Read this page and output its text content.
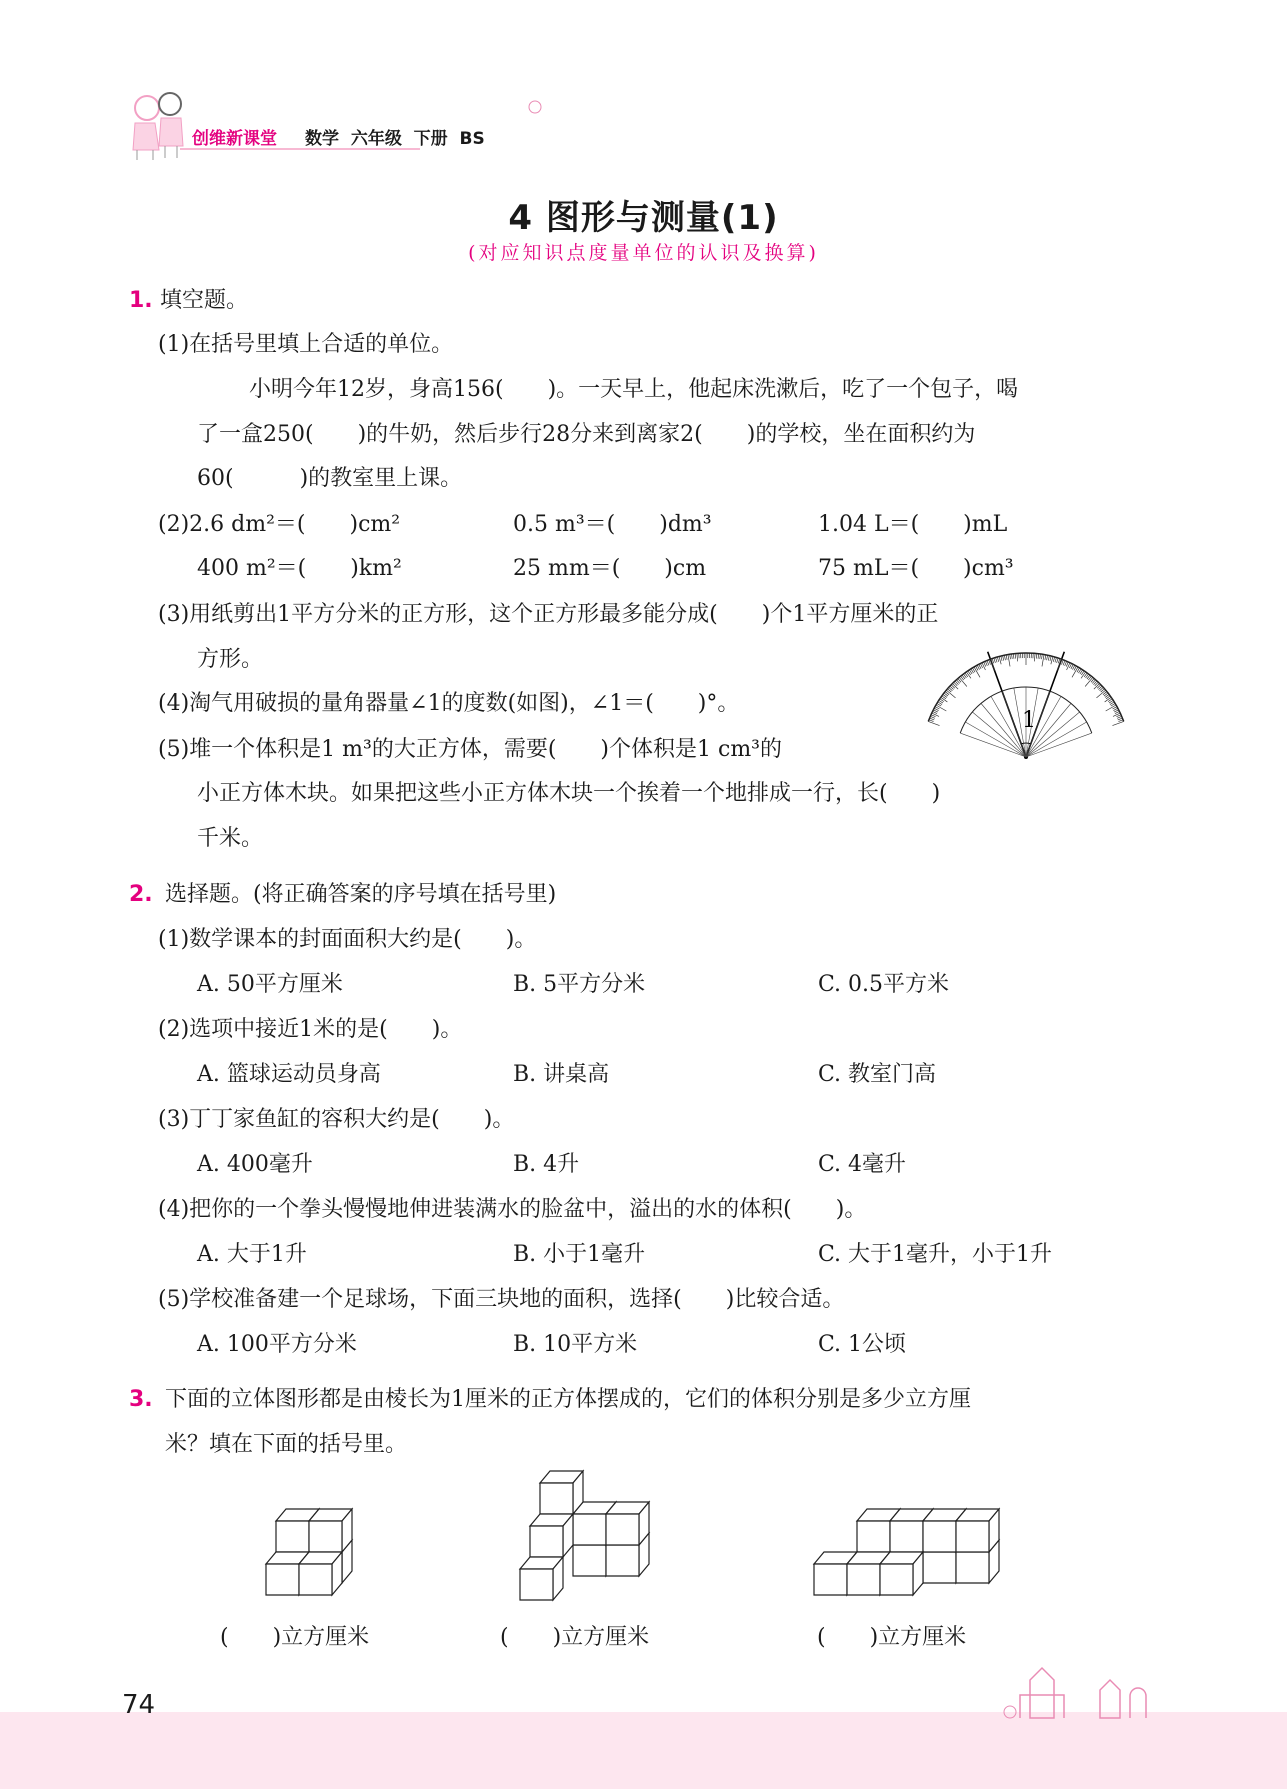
创维新课堂 数学  六年级  下册  BS
4 图形与测量(1)
(对应知识点度量单位的认识及换算)
1. 填空题。
(1)在括号里填上合适的单位。
小明今年12岁，身高156(　　)。一天早上，他起床洗漱后，吃了一个包子，喝
了一盒250(　　)的牛奶，然后步行28分来到离家2(　　)的学校，坐在面积约为
60(　　　)的教室里上课。
(2)2.6 dm²＝(　　)cm²	0.5 m³＝(　　)dm³	1.04 L＝(　　)mL
400 m²＝(　　)km²	25 mm＝(　　)cm	75 mL＝(　　)cm³
(3)用纸剪出1平方分米的正方形，这个正方形最多能分成(　　)个1平方厘米的正
方形。
(4)淘气用破损的量角器量∠1的度数(如图)，∠1＝(　　)°。
(5)堆一个体积是1 m³的大正方体，需要(　　)个体积是1 cm³的
小正方体木块。如果把这些小正方体木块一个挨着一个地排成一行，长(　　)
千米。
1
2. 选择题。(将正确答案的序号填在括号里)
(1)数学课本的封面面积大约是(　　)。
A. 50平方厘米	B. 5平方分米	C. 0.5平方米
(2)选项中接近1米的是(　　)。
A. 篮球运动员身高	B. 讲桌高	C. 教室门高
(3)丁丁家鱼缸的容积大约是(　　)。
A. 400毫升	B. 4升	C. 4毫升
(4)把你的一个拳头慢慢地伸进装满水的脸盆中，溢出的水的体积(　　)。
A. 大于1升	B. 小于1毫升	C. 大于1毫升，小于1升
(5)学校准备建一个足球场，下面三块地的面积，选择(　　)比较合适。
A. 100平方分米	B. 10平方米	C. 1公顷
3. 下面的立体图形都是由棱长为1厘米的正方体摆成的，它们的体积分别是多少立方厘
米？填在下面的括号里。
(　　)立方厘米	(　　)立方厘米	(　　)立方厘米
74
